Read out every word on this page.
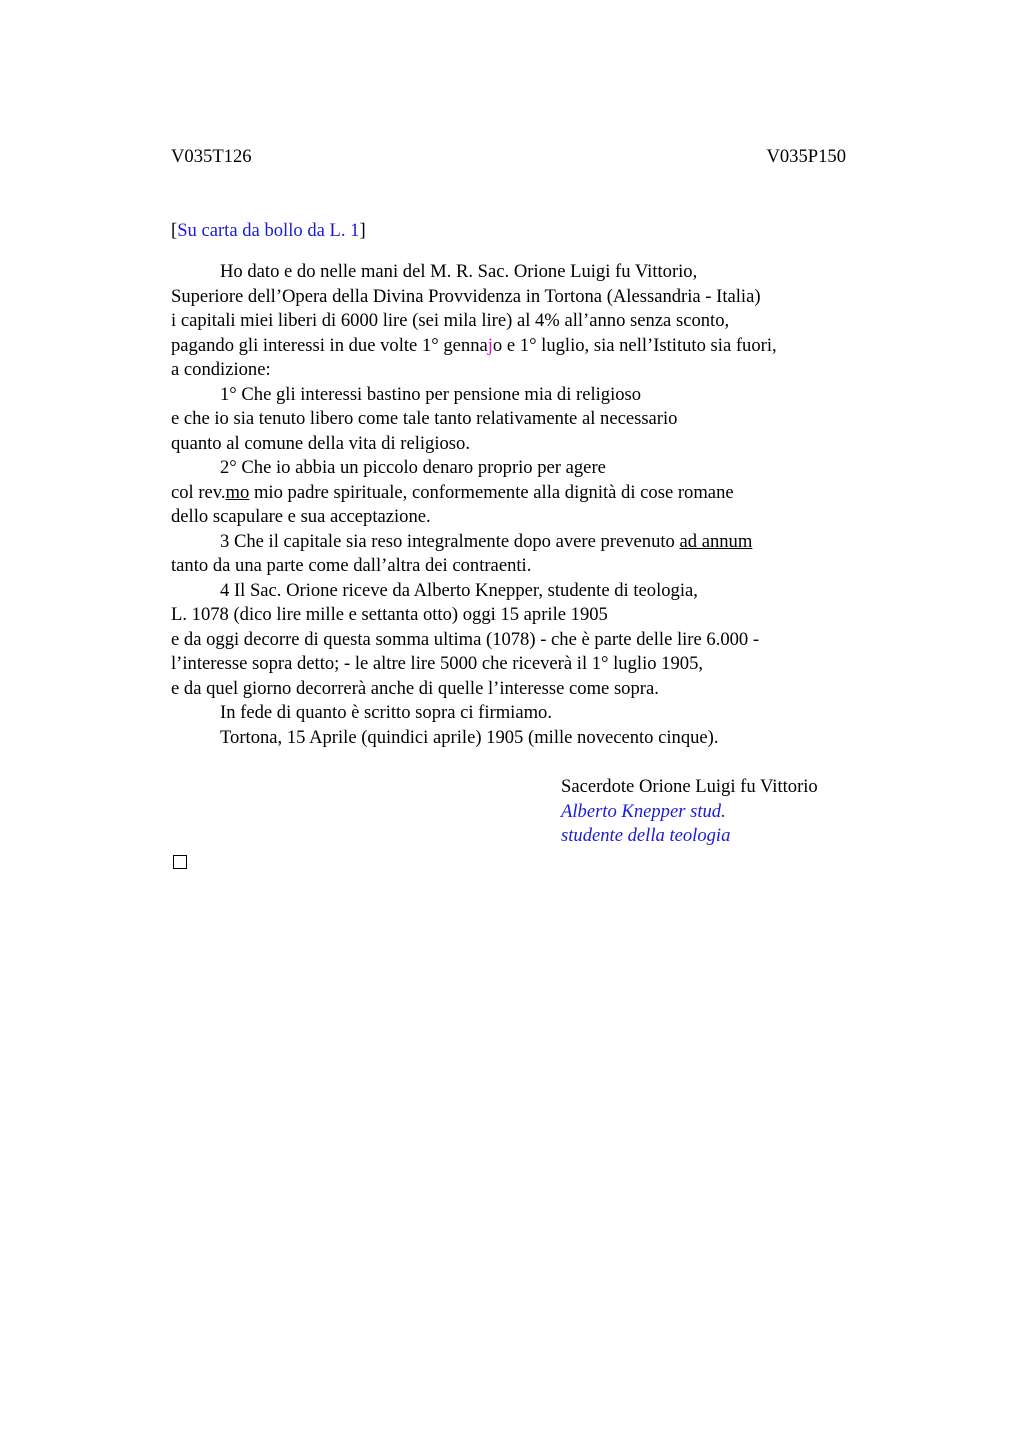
V035T126	V035P150
[Su carta da bollo da L. 1]
Ho dato e do nelle mani del M. R. Sac. Orione Luigi fu Vittorio,
Superiore dell’Opera della Divina Provvidenza in Tortona (Alessandria - Italia)
i capitali miei liberi di 6000 lire (sei mila lire) al 4% all’anno senza sconto,
pagando gli interessi in due volte 1° gennajo e 1° luglio, sia nell’Istituto sia fuori,
a condizione:
1° Che gli interessi bastino per pensione mia di religioso
e che io sia tenuto libero come tale tanto relativamente al necessario
quanto al comune della vita di religioso.
2° Che io abbia un piccolo denaro proprio per agere
col rev.mo mio padre spirituale, conformemente alla dignità di cose romane
dello scapulare e sua acceptazione.
3 Che il capitale sia reso integralmente dopo avere prevenuto ad annum
tanto da una parte come dall’altra dei contraenti.
4 Il Sac. Orione riceve da Alberto Knepper, studente di teologia,
L. 1078 (dico lire mille e settanta otto) oggi 15 aprile 1905
e da oggi decorre di questa somma ultima (1078) - che è parte delle lire 6.000 -
l’interesse sopra detto; - le altre lire 5000 che riceverà il 1° luglio 1905,
e da quel giorno decorrerà anche di quelle l’interesse come sopra.
In fede di quanto è scritto sopra ci firmiamo.
Tortona, 15 Aprile (quindici aprile) 1905 (mille novecento cinque).
Sacerdote Orione Luigi fu Vittorio
Alberto Knepper stud.
studente della teologia
